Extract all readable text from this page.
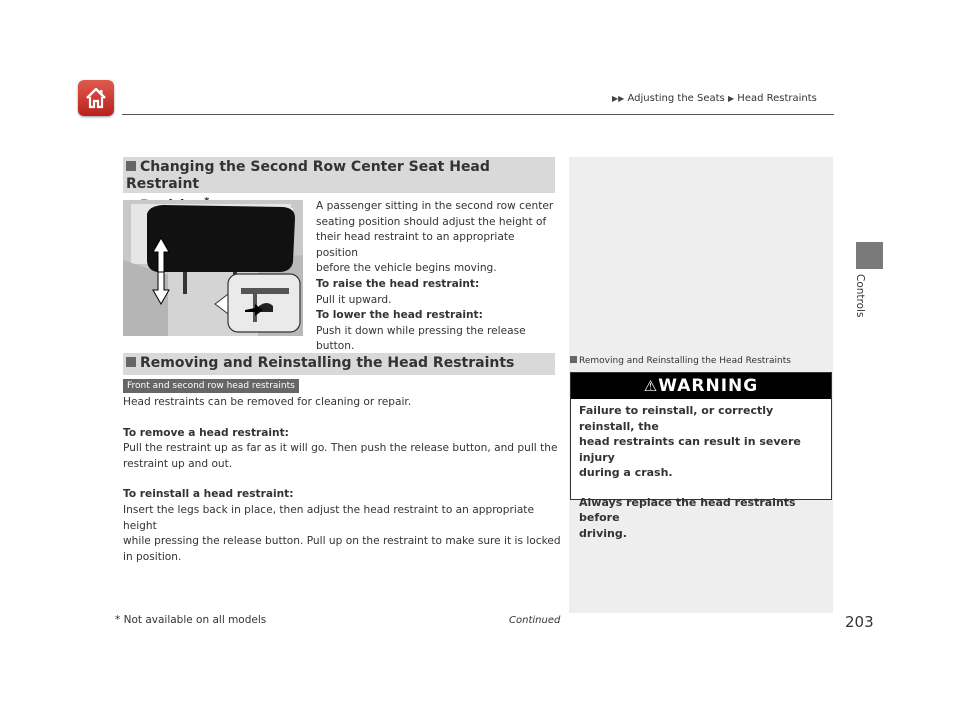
▶▶ Adjusting the Seats ▶ Head Restraints
Controls
Changing the Second Row Center Seat Head Restraint

A passenger sitting in the second row center
seating position should adjust the height of
their head restraint to an appropriate position
before the vehicle begins moving.
To raise the head restraint:
Pull it upward.
To lower the head restraint:
Push it down while pressing the release
button.
Removing and Reinstalling the Head Restraints
Front and second row head restraints
Head restraints can be removed for cleaning or repair.
To remove a head restraint:
Pull the restraint up as far as it will go. Then push the release button, and pull the
restraint up and out.
To reinstall a head restraint:
Insert the legs back in place, then adjust the head restraint to an appropriate height
while pressing the release button. Pull up on the restraint to make sure it is locked
in position.
Removing and Reinstalling the Head Restraints
⚠WARNING
Failure to reinstall, or correctly reinstall, the
head restraints can result in severe injury
during a crash.
Always replace the head restraints before
driving.
* Not available on all models	Continued	203
